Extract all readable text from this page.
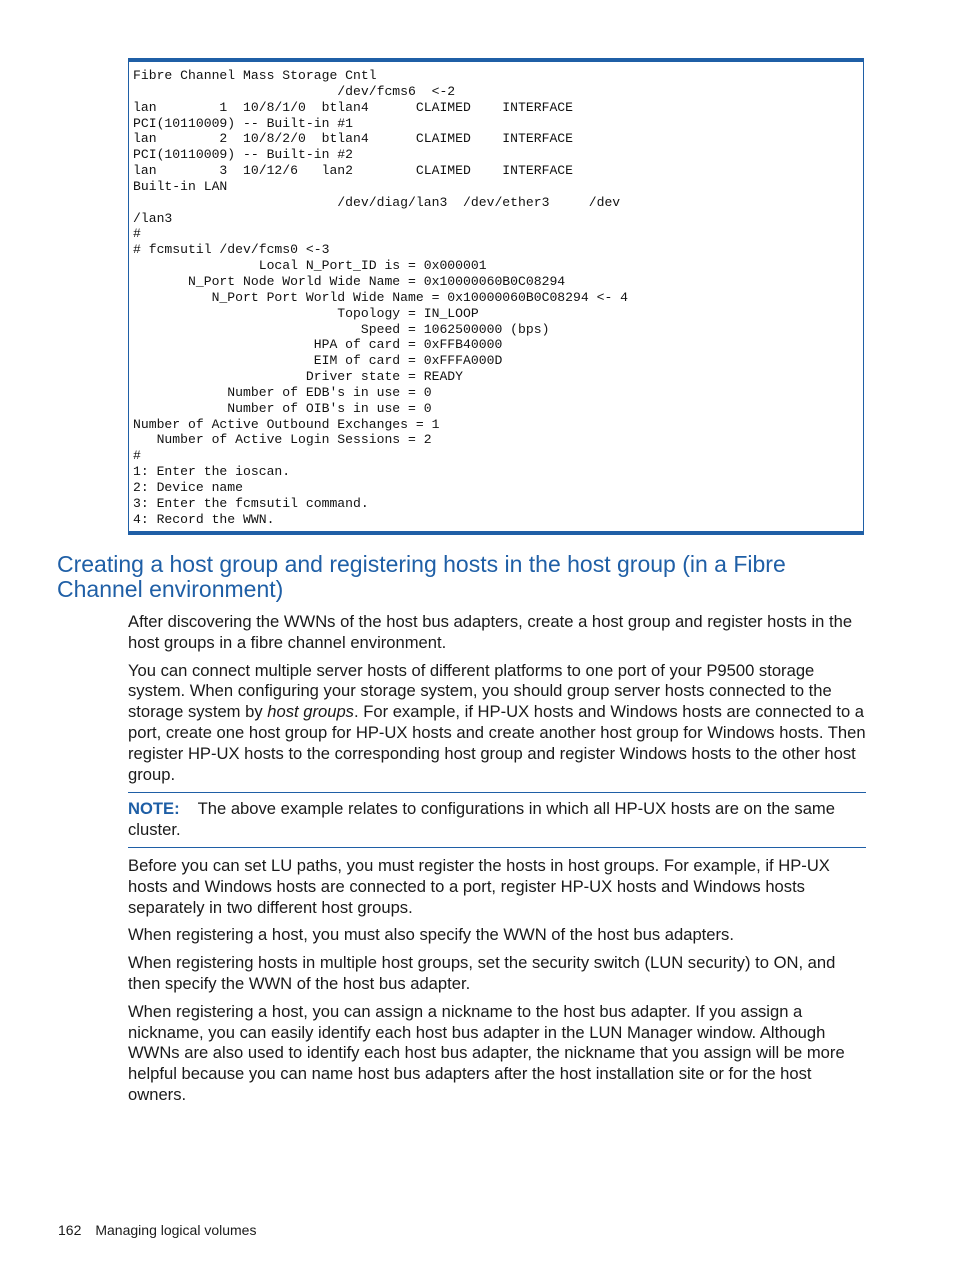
Fibre Channel Mass Storage Cntl
/dev/fcms6  <-2
lan        1  10/8/1/0  btlan4      CLAIMED    INTERFACE
PCI(10110009) -- Built-in #1
lan        2  10/8/2/0  btlan4      CLAIMED    INTERFACE
PCI(10110009) -- Built-in #2
lan        3  10/12/6   lan2        CLAIMED    INTERFACE
Built-in LAN
/dev/diag/lan3  /dev/ether3     /dev
/lan3
#
# fcmsutil /dev/fcms0 <-3
Local N_Port_ID is = 0x000001
N_Port Node World Wide Name = 0x10000060B0C08294
N_Port Port World Wide Name = 0x10000060B0C08294 <- 4
Topology = IN_LOOP
Speed = 1062500000 (bps)
HPA of card = 0xFFB40000
EIM of card = 0xFFFA000D
Driver state = READY
Number of EDB's in use = 0
Number of OIB's in use = 0
Number of Active Outbound Exchanges = 1
Number of Active Login Sessions = 2
#
1: Enter the ioscan.
2: Device name
3: Enter the fcmsutil command.
4: Record the WWN.
Creating a host group and registering hosts in the host group (in a Fibre Channel environment)

After discovering the WWNs of the host bus adapters, create a host group and register hosts in the host groups in a fibre channel environment.

You can connect multiple server hosts of different platforms to one port of your P9500 storage system. When configuring your storage system, you should group server hosts connected to the storage system by host groups. For example, if HP-UX hosts and Windows hosts are connected to a port, create one host group for HP-UX hosts and create another host group for Windows hosts. Then register HP-UX hosts to the corresponding host group and register Windows hosts to the other host group.

NOTE: The above example relates to configurations in which all HP-UX hosts are on the same cluster.

Before you can set LU paths, you must register the hosts in host groups. For example, if HP-UX hosts and Windows hosts are connected to a port, register HP-UX hosts and Windows hosts separately in two different host groups.

When registering a host, you must also specify the WWN of the host bus adapters.

When registering hosts in multiple host groups, set the security switch (LUN security) to ON, and then specify the WWN of the host bus adapter.

When registering a host, you can assign a nickname to the host bus adapter. If you assign a nickname, you can easily identify each host bus adapter in the LUN Manager window. Although WWNs are also used to identify each host bus adapter, the nickname that you assign will be more helpful because you can name host bus adapters after the host installation site or for the host owners.

162 Managing logical volumes
